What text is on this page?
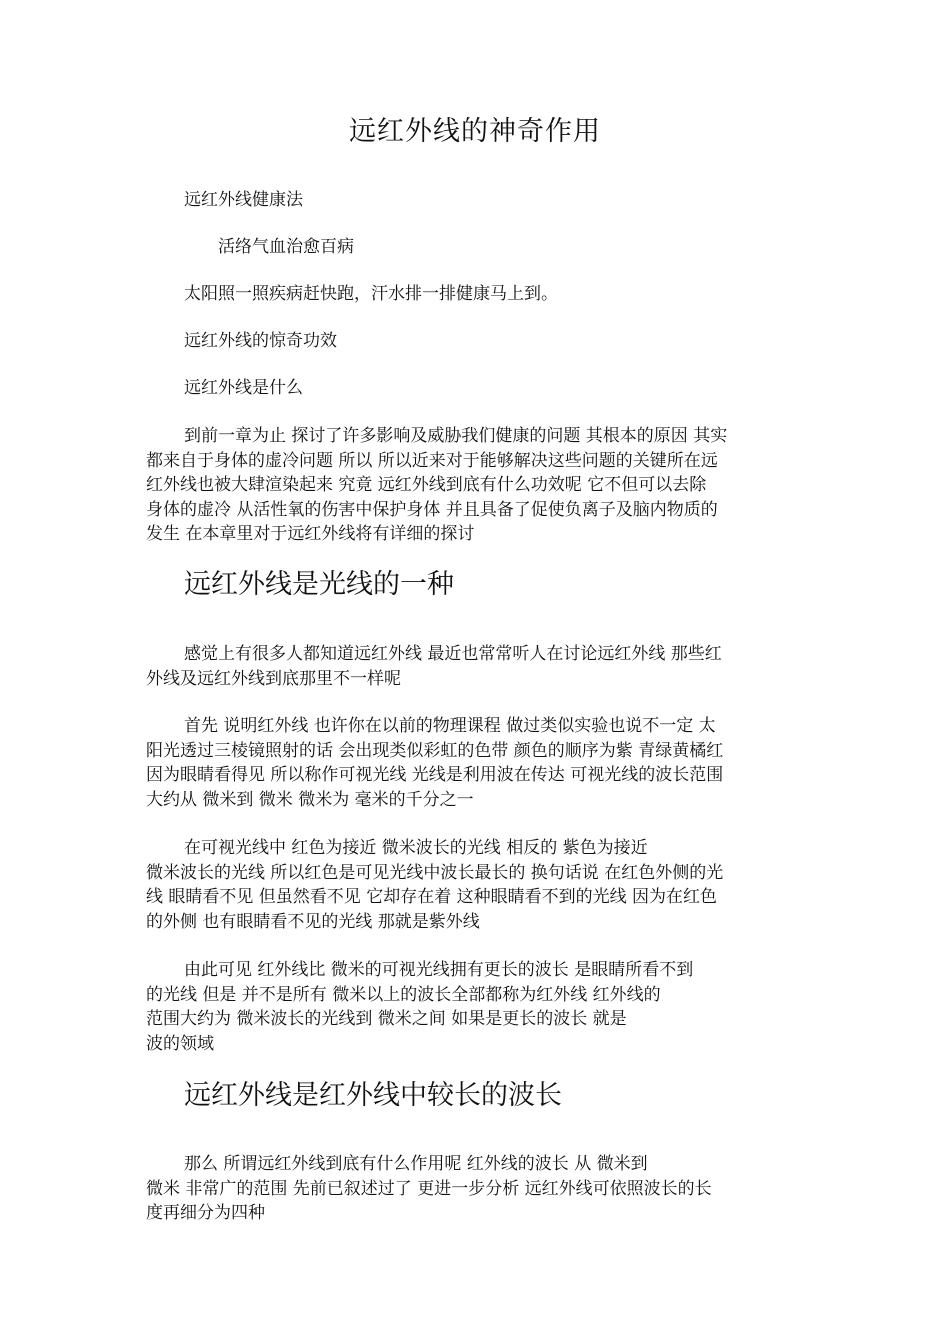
远红外线的神奇作用
远红外线健康法
活络气血治愈百病
太阳照一照疾病赶快跑，汗水排一排健康马上到。
远红外线的惊奇功效
远红外线是什么
到前一章为止 探讨了许多影响及威胁我们健康的问题 其根本的原因 其实
都来自于身体的虚冷问题 所以 所以近来对于能够解决这些问题的关键所在远
红外线也被大肆渲染起来 究竟 远红外线到底有什么功效呢 它不但可以去除
身体的虚冷 从活性氧的伤害中保护身体 并且具备了促使负离子及脑内物质的
发生 在本章里对于远红外线将有详细的探讨
远红外线是光线的一种
感觉上有很多人都知道远红外线 最近也常常听人在讨论远红外线 那些红
外线及远红外线到底那里不一样呢
首先 说明红外线 也许你在以前的物理课程 做过类似实验也说不一定 太
阳光透过三棱镜照射的话 会出现类似彩虹的色带 颜色的顺序为紫 青绿黄橘红
因为眼睛看得见 所以称作可视光线 光线是利用波在传达 可视光线的波长范围
大约从 微米到 微米 微米为 毫米的千分之一
在可视光线中 红色为接近 微米波长的光线 相反的 紫色为接近
微米波长的光线 所以红色是可见光线中波长最长的 换句话说 在红色外侧的光
线 眼睛看不见 但虽然看不见 它却存在着 这种眼睛看不到的光线 因为在红色
的外侧 也有眼睛看不见的光线 那就是紫外线
由此可见 红外线比 微米的可视光线拥有更长的波长 是眼睛所看不到
的光线 但是 并不是所有 微米以上的波长全部都称为红外线 红外线的
范围大约为 微米波长的光线到 微米之间 如果是更长的波长 就是
波的领域
远红外线是红外线中较长的波长
那么 所谓远红外线到底有什么作用呢 红外线的波长 从 微米到
微米 非常广的范围 先前已叙述过了 更进一步分析 远红外线可依照波长的长
度再细分为四种
